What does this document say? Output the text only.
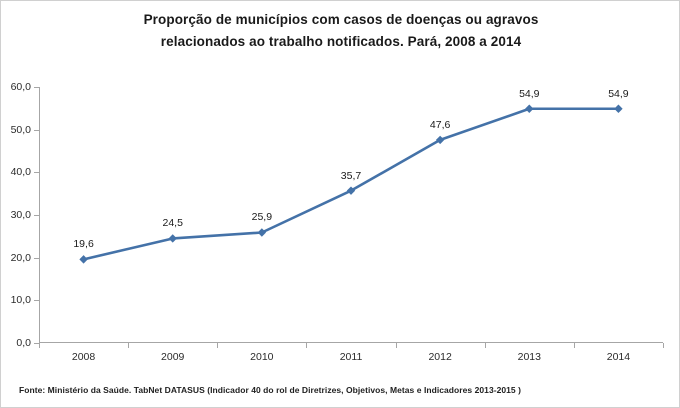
Proporção de municípios com casos de doenças ou agravos
relacionados ao trabalho notificados. Pará, 2008 a 2014
0,0
10,0
20,0
30,0
40,0
50,0
60,0
2008	2009	2010	2011	2012	2013	2014
19,6
24,5	25,9
35,7
47,6
54,9	54,9
Fonte: Ministério da Saúde. TabNet DATASUS (Indicador 40 do rol de Diretrizes, Objetivos, Metas e Indicadores 2013-2015 )
